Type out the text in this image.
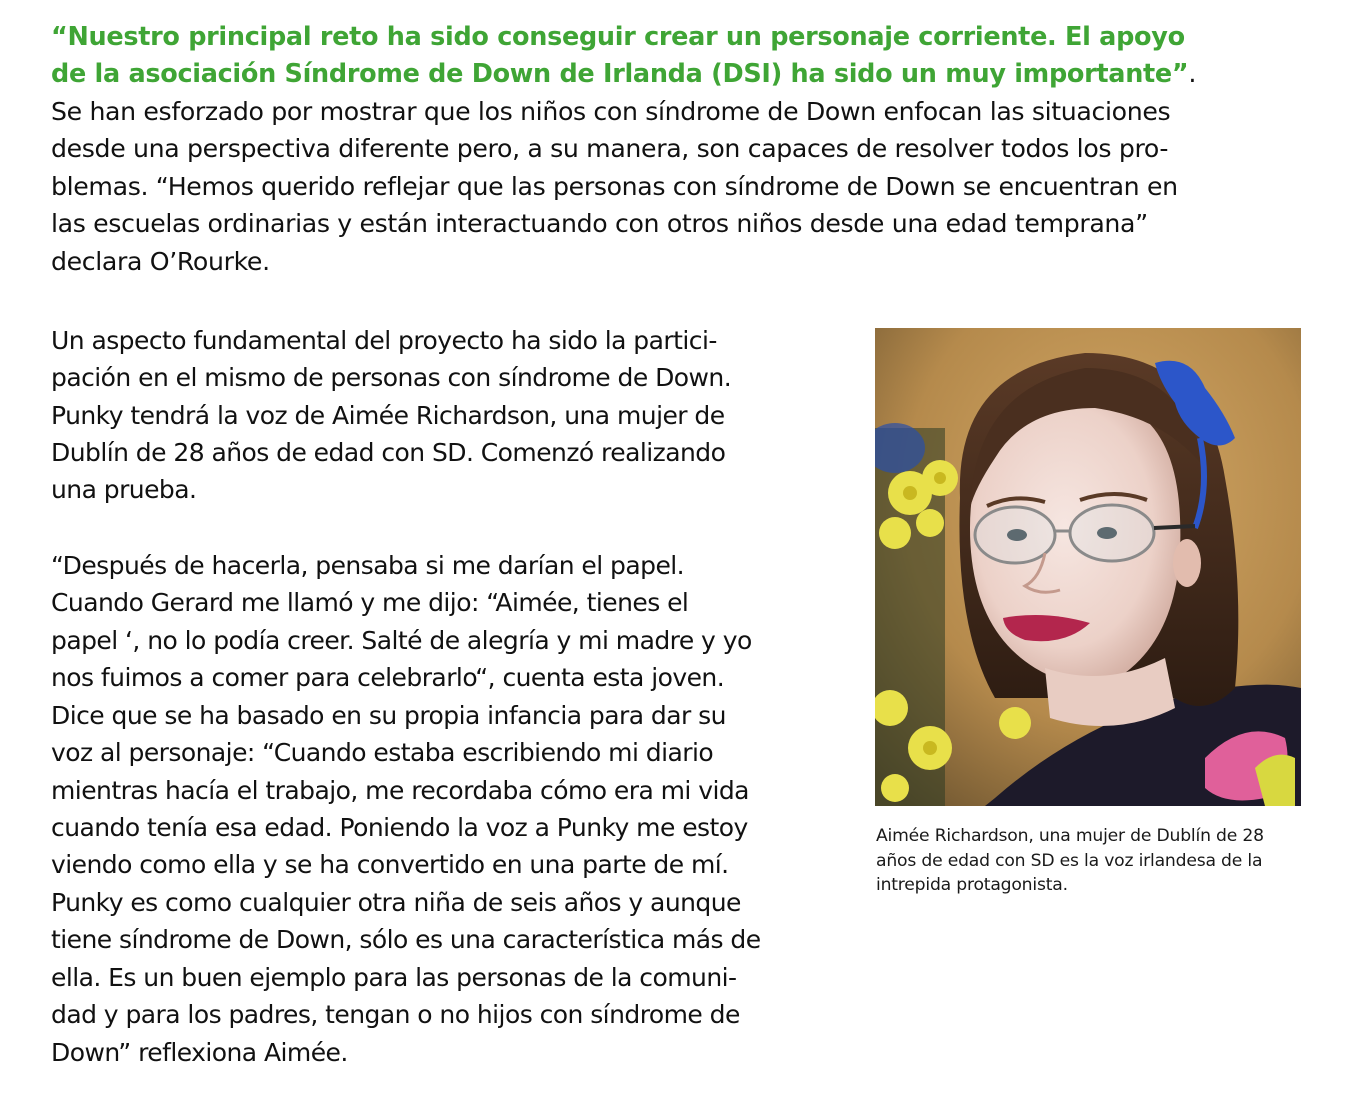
“Nuestro principal reto ha sido conseguir crear un personaje corriente. El apoyo
de la asociación Síndrome de Down de Irlanda (DSI) ha sido un muy importante”.
Se han esforzado por mostrar que los niños con síndrome de Down enfocan las situaciones
desde una perspectiva diferente pero, a su manera, son capaces de resolver todos los pro-
blemas. “Hemos querido reflejar que las personas con síndrome de Down se encuentran en
las escuelas ordinarias y están interactuando con otros niños desde una edad temprana”
declara O’Rourke.
Un aspecto fundamental del proyecto ha sido la partici-
pación en el mismo de personas con síndrome de Down.
Punky tendrá la voz de Aimée Richardson, una mujer de
Dublín de 28 años de edad con SD. Comenzó realizando
una prueba.
“Después de hacerla, pensaba si me darían el papel.
Cuando Gerard me llamó y me dijo: “Aimée, tienes el
papel ‘, no lo podía creer. Salté de alegría y mi madre y yo
nos fuimos a comer para celebrarlo“, cuenta esta joven.
Dice que se ha basado en su propia infancia para dar su
voz al personaje: “Cuando estaba escribiendo mi diario
mientras hacía el trabajo, me recordaba cómo era mi vida
cuando tenía esa edad. Poniendo la voz a Punky me estoy
viendo como ella y se ha convertido en una parte de mí.
Punky es como cualquier otra niña de seis años y aunque
tiene síndrome de Down, sólo es una característica más de
ella. Es un buen ejemplo para las personas de la comuni-
dad y para los padres, tengan o no hijos con síndrome de
Down” reflexiona Aimée.
Aimée Richardson, una mujer de Dublín de 28
años de edad con SD es la voz irlandesa de la
intrepida protagonista.
